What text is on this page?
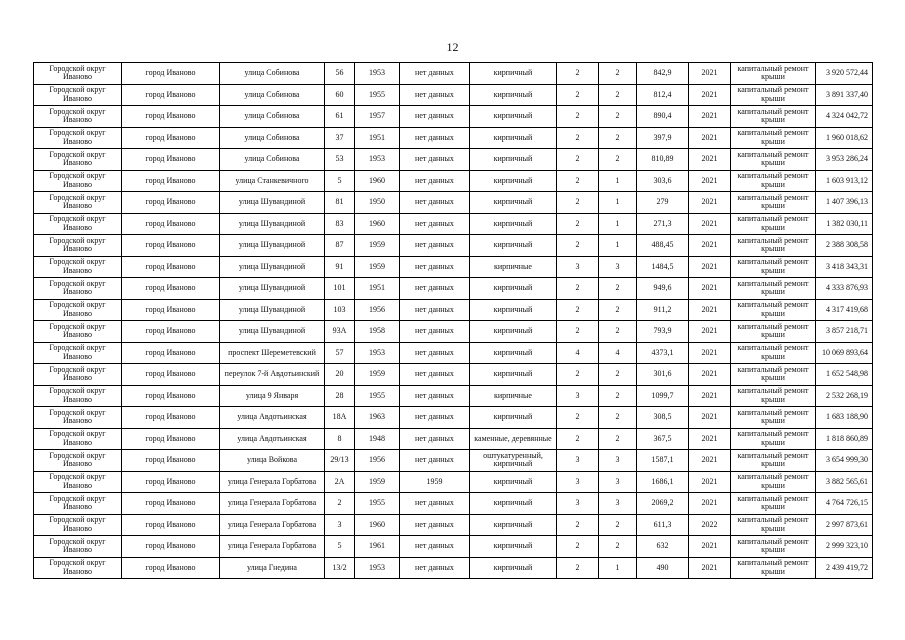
12
Городской округ Иваново	город Иваново	улица Собинова	56	1953	нет данных	кирпичный	2	2	842,9	2021	капитальный ремонт крыши	3 920 572,44
Городской округ Иваново	город Иваново	улица Собинова	60	1955	нет данных	кирпичный	2	2	812,4	2021	капитальный ремонт крыши	3 891 337,40
Городской округ Иваново	город Иваново	улица Собинова	61	1957	нет данных	кирпичный	2	2	890,4	2021	капитальный ремонт крыши	4 324 042,72
Городской округ Иваново	город Иваново	улица Собинова	37	1951	нет данных	кирпичный	2	2	397,9	2021	капитальный ремонт крыши	1 960 018,62
Городской округ Иваново	город Иваново	улица Собинова	53	1953	нет данных	кирпичный	2	2	810,89	2021	капитальный ремонт крыши	3 953 286,24
Городской округ Иваново	город Иваново	улица Станкевичного	5	1960	нет данных	кирпичный	2	1	303,6	2021	капитальный ремонт крыши	1 603 913,12
Городской округ Иваново	город Иваново	улица Шувандиной	81	1950	нет данных	кирпичный	2	1	279	2021	капитальный ремонт крыши	1 407 396,13
Городской округ Иваново	город Иваново	улица Шувандиной	83	1960	нет данных	кирпичный	2	1	271,3	2021	капитальный ремонт крыши	1 382 030,11
Городской округ Иваново	город Иваново	улица Шувандиной	87	1959	нет данных	кирпичный	2	1	488,45	2021	капитальный ремонт крыши	2 388 308,58
Городской округ Иваново	город Иваново	улица Шувандиной	91	1959	нет данных	кирпичные	3	3	1484,5	2021	капитальный ремонт крыши	3 418 343,31
Городской округ Иваново	город Иваново	улица Шувандиной	101	1951	нет данных	кирпичный	2	2	949,6	2021	капитальный ремонт крыши	4 333 876,93
Городской округ Иваново	город Иваново	улица Шувандиной	103	1956	нет данных	кирпичный	2	2	911,2	2021	капитальный ремонт крыши	4 317 419,68
Городской округ Иваново	город Иваново	улица Шувандиной	93А	1958	нет данных	кирпичный	2	2	793,9	2021	капитальный ремонт крыши	3 857 218,71
Городской округ Иваново	город Иваново	проспект Шереметевский	57	1953	нет данных	кирпичный	4	4	4373,1	2021	капитальный ремонт крыши	10 069 893,64
Городской округ Иваново	город Иваново	переулок 7-й Авдотьинский	20	1959	нет данных	кирпичный	2	2	301,6	2021	капитальный ремонт крыши	1 652 548,98
Городской округ Иваново	город Иваново	улица 9 Января	28	1955	нет данных	кирпичные	3	2	1099,7	2021	капитальный ремонт крыши	2 532 268,19
Городской округ Иваново	город Иваново	улица Авдотьинская	18А	1963	нет данных	кирпичный	2	2	308,5	2021	капитальный ремонт крыши	1 683 188,90
Городской округ Иваново	город Иваново	улица Авдотьинская	8	1948	нет данных	каменные, деревянные	2	2	367,5	2021	капитальный ремонт крыши	1 818 860,89
Городской округ Иваново	город Иваново	улица Войкова	29/13	1956	нет данных	оштукатуренный, кирпичный	3	3	1587,1	2021	капитальный ремонт крыши	3 654 999,30
Городской округ Иваново	город Иваново	улица Генерала Горбатова	2А	1959	1959	кирпичный	3	3	1686,1	2021	капитальный ремонт крыши	3 882 565,61
Городской округ Иваново	город Иваново	улица Генерала Горбатова	2	1955	нет данных	кирпичный	3	3	2069,2	2021	капитальный ремонт крыши	4 764 726,15
Городской округ Иваново	город Иваново	улица Генерала Горбатова	3	1960	нет данных	кирпичный	2	2	611,3	2022	капитальный ремонт крыши	2 997 873,61
Городской округ Иваново	город Иваново	улица Генерала Горбатова	5	1961	нет данных	кирпичный	2	2	632	2021	капитальный ремонт крыши	2 999 323,10
Городской округ Иваново	город Иваново	улица Гнедина	13/2	1953	нет данных	кирпичный	2	1	490	2021	капитальный ремонт крыши	2 439 419,72
